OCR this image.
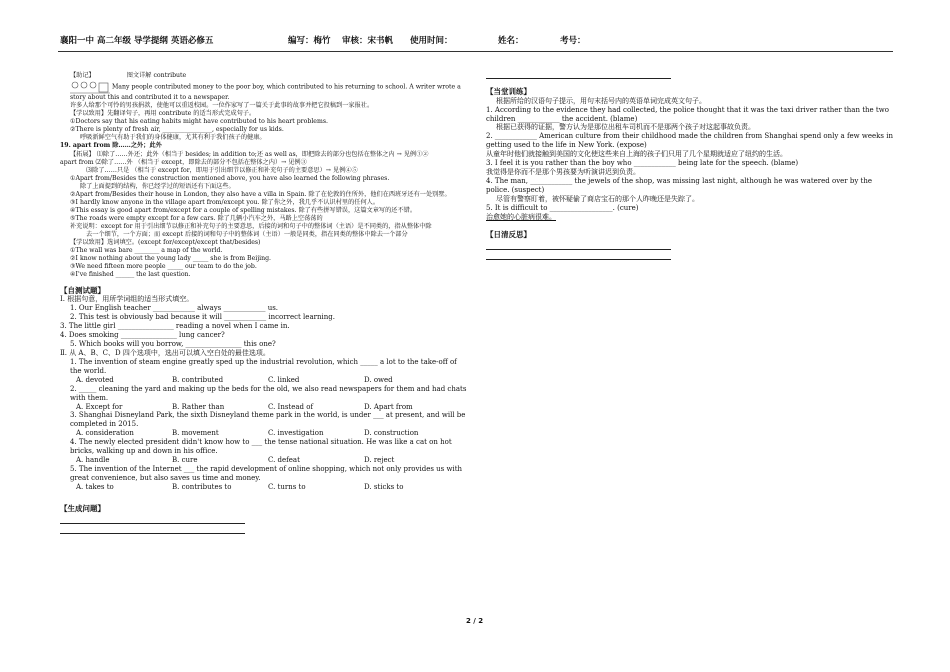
襄阳一中 高二年级 导学提纲 英语必修五	编写：梅竹 审核：宋书帆 使用时间：	姓名：	考号：

【助记】	图文详解 contribute

Many people contributed money to the poor boy, which contributed to his returning to school. A writer wrote a story about this and contributed it to a newspaper.

许多人给那个可怜的男孩捐款，使他可以重返校园。一位作家写了一篇关于此事的故事并把它投稿到一家报社。

【学以致用】先翻译句子，再用 contribute 的适当形式完成句子。

①Doctors say that his eating habits might have contributed to his heart problems.

②There is plenty of fresh air, ________________, especially for us kids.

呼吸新鲜空气有助于我们的身体健康，尤其有利于我们孩子的健康。

19. apart from 除……之外；此外

【拓展】 ⑴除了……外还；此外（相当于 besides; in addition to;还 as well as，即把除去的部分也包括在整体之内 → 见例①②

apart from ⑵除了……外 （相当于 except，即除去的部分不包括在整体之内）→ 见例③

⑶除了……只是 （相当于 except for，即用于引出细节以修正和补充句子的主要意思）→ 见例④⑤

①Apart from/Besides the construction mentioned above, you have also learned the following phrases.

除了上面提到的结构，你已经学过的短语还有下面这些。

②Apart from/Besides their house in London, they also have a villa in Spain. 除了在伦敦的住所外，他们在西班牙还有一处别墅。

③I hardly know anyone in the village apart from/except you. 除了你之外，我几乎不认识村里的任何人。

④This essay is good apart from/except for a couple of spelling mistakes. 除了有些拼写错误，这篇文章写的还不错。

⑤The roads were empty except for a few cars. 除了几辆小汽车之外，马路上空荡荡的

补充说明：except for 用于引出细节以修正和补充句子的主要意思，后接的词和句子中的整体词（主语）是不同类的，指从整体中除

去一个细节，一个方面；而 except 后接的词和句子中的整体词（主语）一般是同类，指在同类的整体中除去一个部分

【学以致用】选词填空。(except for/except/except that/besides)

①The wall was bare ________ a map of the world.

②I know nothing about the young lady _____ she is from Beijing.

③We need fifteen more people _____ our team to do the job.

④I've finished ______ the last question.

【自测试题】

Ⅰ. 根据句意，用所学词组的适当形式填空。

1. Our English teacher ____________ always ____________ us.

2. This test is obviously bad because it will ____________ incorrect learning.

3. The little girl ________________ reading a novel when I came in.

4. Does smoking ________________ lung cancer?

5. Which books will you borrow, ________________ this one?

Ⅱ. 从 A、B、C、D 四个选项中，选出可以填入空白处的最佳选项。

1. The invention of steam engine greatly sped up the industrial revolution, which _____ a lot to the take-off of the world.

A. devoted	B. contributed	C. linked	D. owed

2. _____ cleaning the yard and making up the beds for the old, we also read newspapers for them and had chats with them.

A. Except for	B. Rather than	C. Instead of	D. Apart from

3. Shanghai Disneyland Park, the sixth Disneyland theme park in the world, is under ___ at present, and will be completed in 2015.

A. consideration	B. movement	C. investigation	D. construction

4. The newly elected president didn't know how to ___ the tense national situation. He was like a cat on hot bricks, walking up and down in his office.

A. handle	B. cure	C. defeat	D. reject

5. The invention of the Internet ___ the rapid development of online shopping, which not only provides us with great convenience, but also saves us time and money.

A. takes to	B. contributes to	C. turns to	D. sticks to

【生成问题】

【当堂训练】

根据所给的汉语句子提示，用句末括号内的英语单词完成英文句子。

1. According to the evidence they had collected, the police thought that it was the taxi driver rather than the two children ____________ the accident. (blame)

根据已获得的证据，警方认为是那位出租车司机而不是那两个孩子对这起事故负责。

2. ____________ American culture from their childhood made the children from Shanghai spend only a few weeks in getting used to the life in New York. (expose)

从童年时他们就接触到美国的文化使这些来自上海的孩子们只用了几个星期就适应了纽约的生活。

3. I feel it is you rather than the boy who ____________ being late for the speech. (blame)

我觉得是你而不是那个男孩要为听演讲迟到负责。

4. The man, ____________ the jewels of the shop, was missing last night, although he was watered over by the police. (suspect)

尽管有警察盯着，被怀疑偷了商店宝石的那个人昨晚还是失踪了。

5. It is difficult to __________________. (cure)

治愈她的心脏病很难。

【日清反思】

2 / 2
